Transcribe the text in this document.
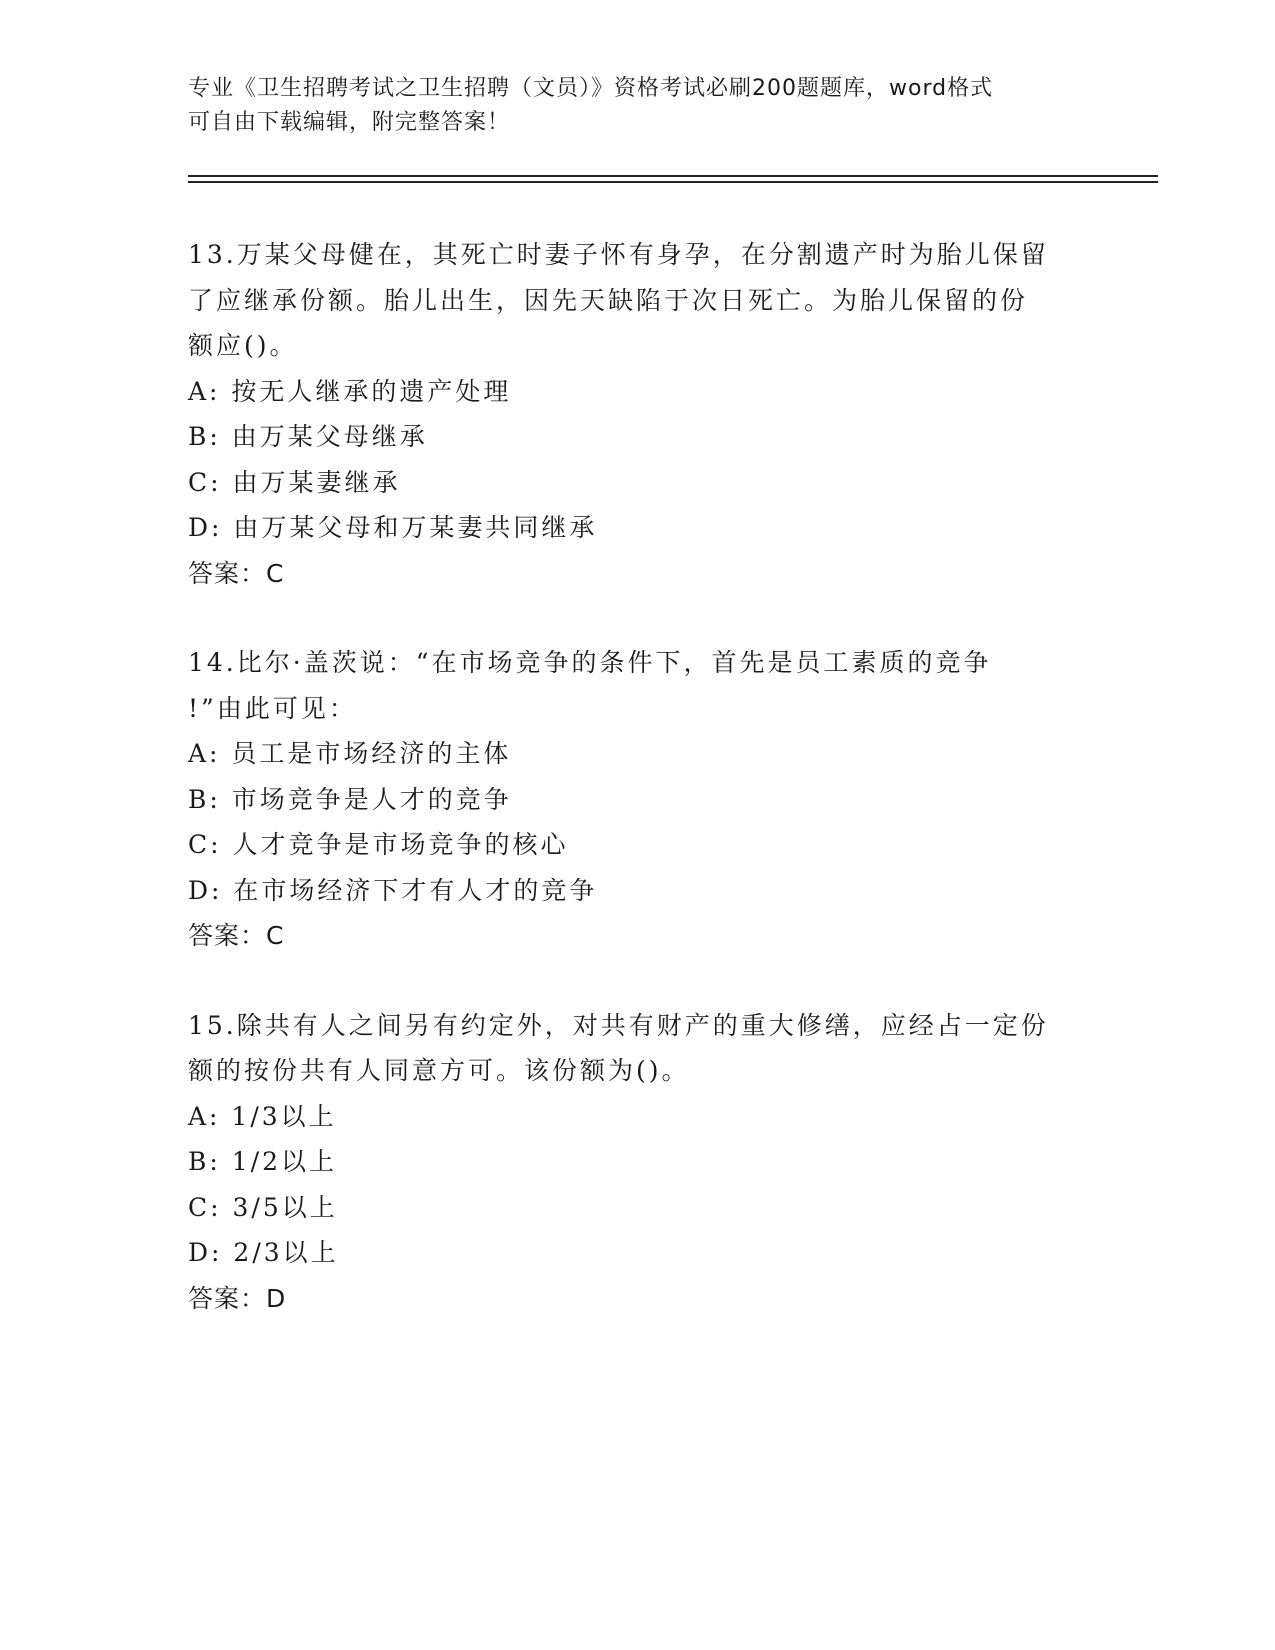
专业《卫生招聘考试之卫生招聘（文员）》资格考试必刷200题题库，word格式
可自由下载编辑，附完整答案！
13.万某父母健在，其死亡时妻子怀有身孕，在分割遗产时为胎儿保留
了应继承份额。胎儿出生，因先天缺陷于次日死亡。为胎儿保留的份
额应()。
A: 按无人继承的遗产处理
B: 由万某父母继承
C: 由万某妻继承
D: 由万某父母和万某妻共同继承
答案：C
14.比尔·盖茨说：“在市场竞争的条件下，首先是员工素质的竞争
!”由此可见：
A: 员工是市场经济的主体
B: 市场竞争是人才的竞争
C: 人才竞争是市场竞争的核心
D: 在市场经济下才有人才的竞争
答案：C
15.除共有人之间另有约定外，对共有财产的重大修缮，应经占一定份
额的按份共有人同意方可。该份额为()。
A: 1/3以上
B: 1/2以上
C: 3/5以上
D: 2/3以上
答案：D
